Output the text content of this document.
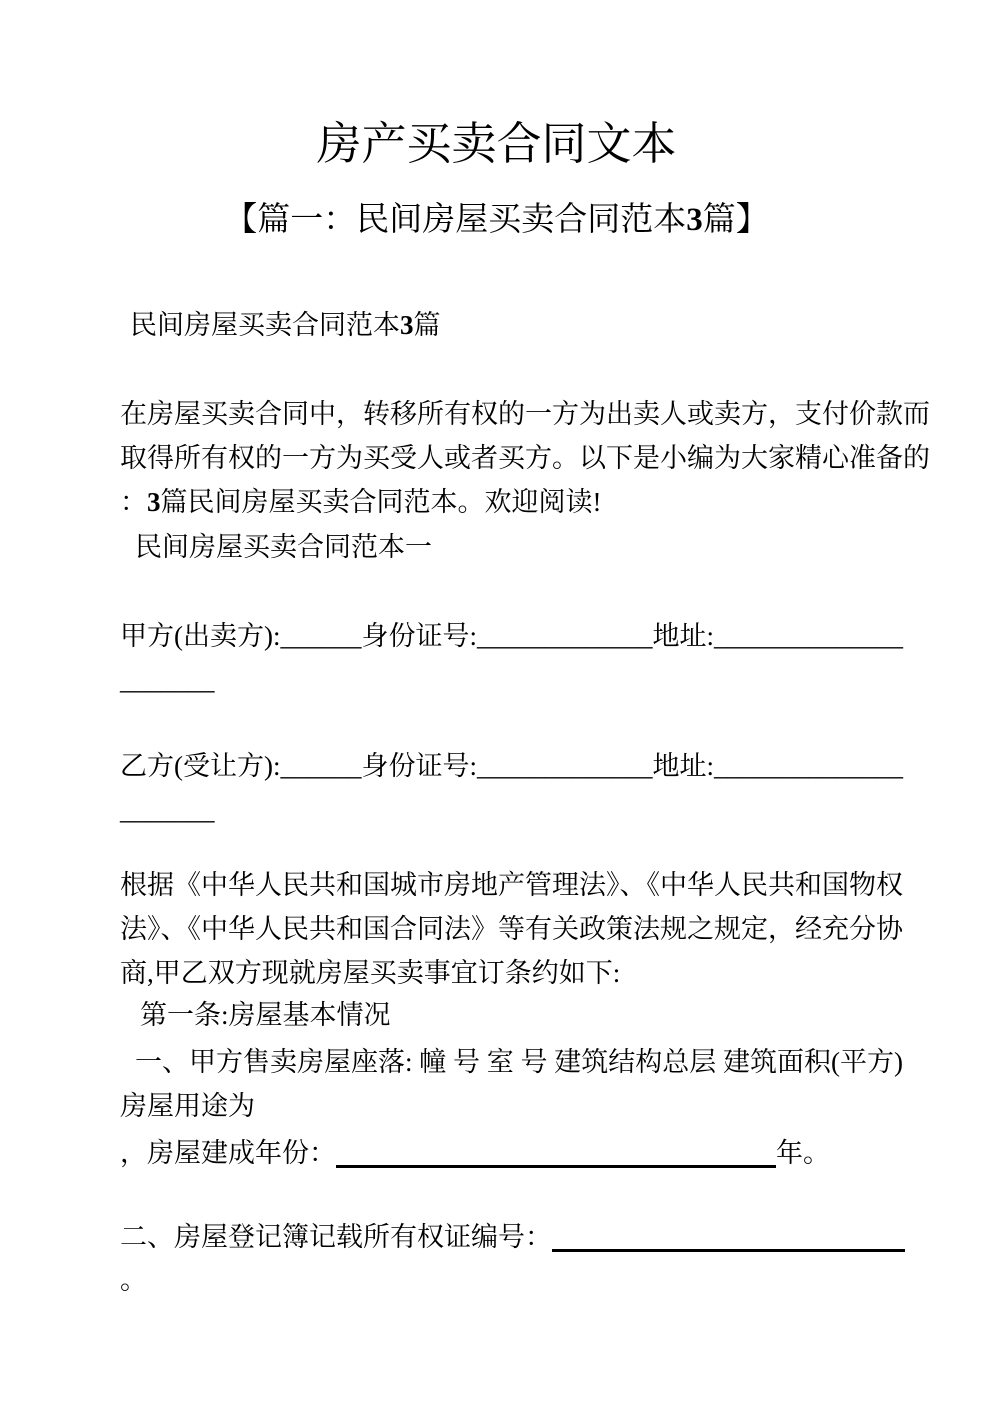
房产买卖合同文本
【篇一：民间房屋买卖合同范本3篇】
民间房屋买卖合同范本3篇
在房屋买卖合同中，转移所有权的一方为出卖人或卖方，支付价款而
取得所有权的一方为买受人或者买方。以下是小编为大家精心准备的
：3篇民间房屋买卖合同范本。欢迎阅读!
民间房屋买卖合同范本一
甲方(出卖方):______身份证号:_____________地址:______________
_______
乙方(受让方):______身份证号:_____________地址:______________
_______
根据《中华人民共和国城市房地产管理法》、《中华人民共和国物权
法》、《中华人民共和国合同法》等有关政策法规之规定，经充分协
商,甲乙双方现就房屋买卖事宜订条约如下:
第一条:房屋基本情况
一、甲方售卖房屋座落: 幢 号 室 号 建筑结构总层 建筑面积(平方)
房屋用途为
，房屋建成年份：	年。
二、房屋登记簿记载所有权证编号：
。
